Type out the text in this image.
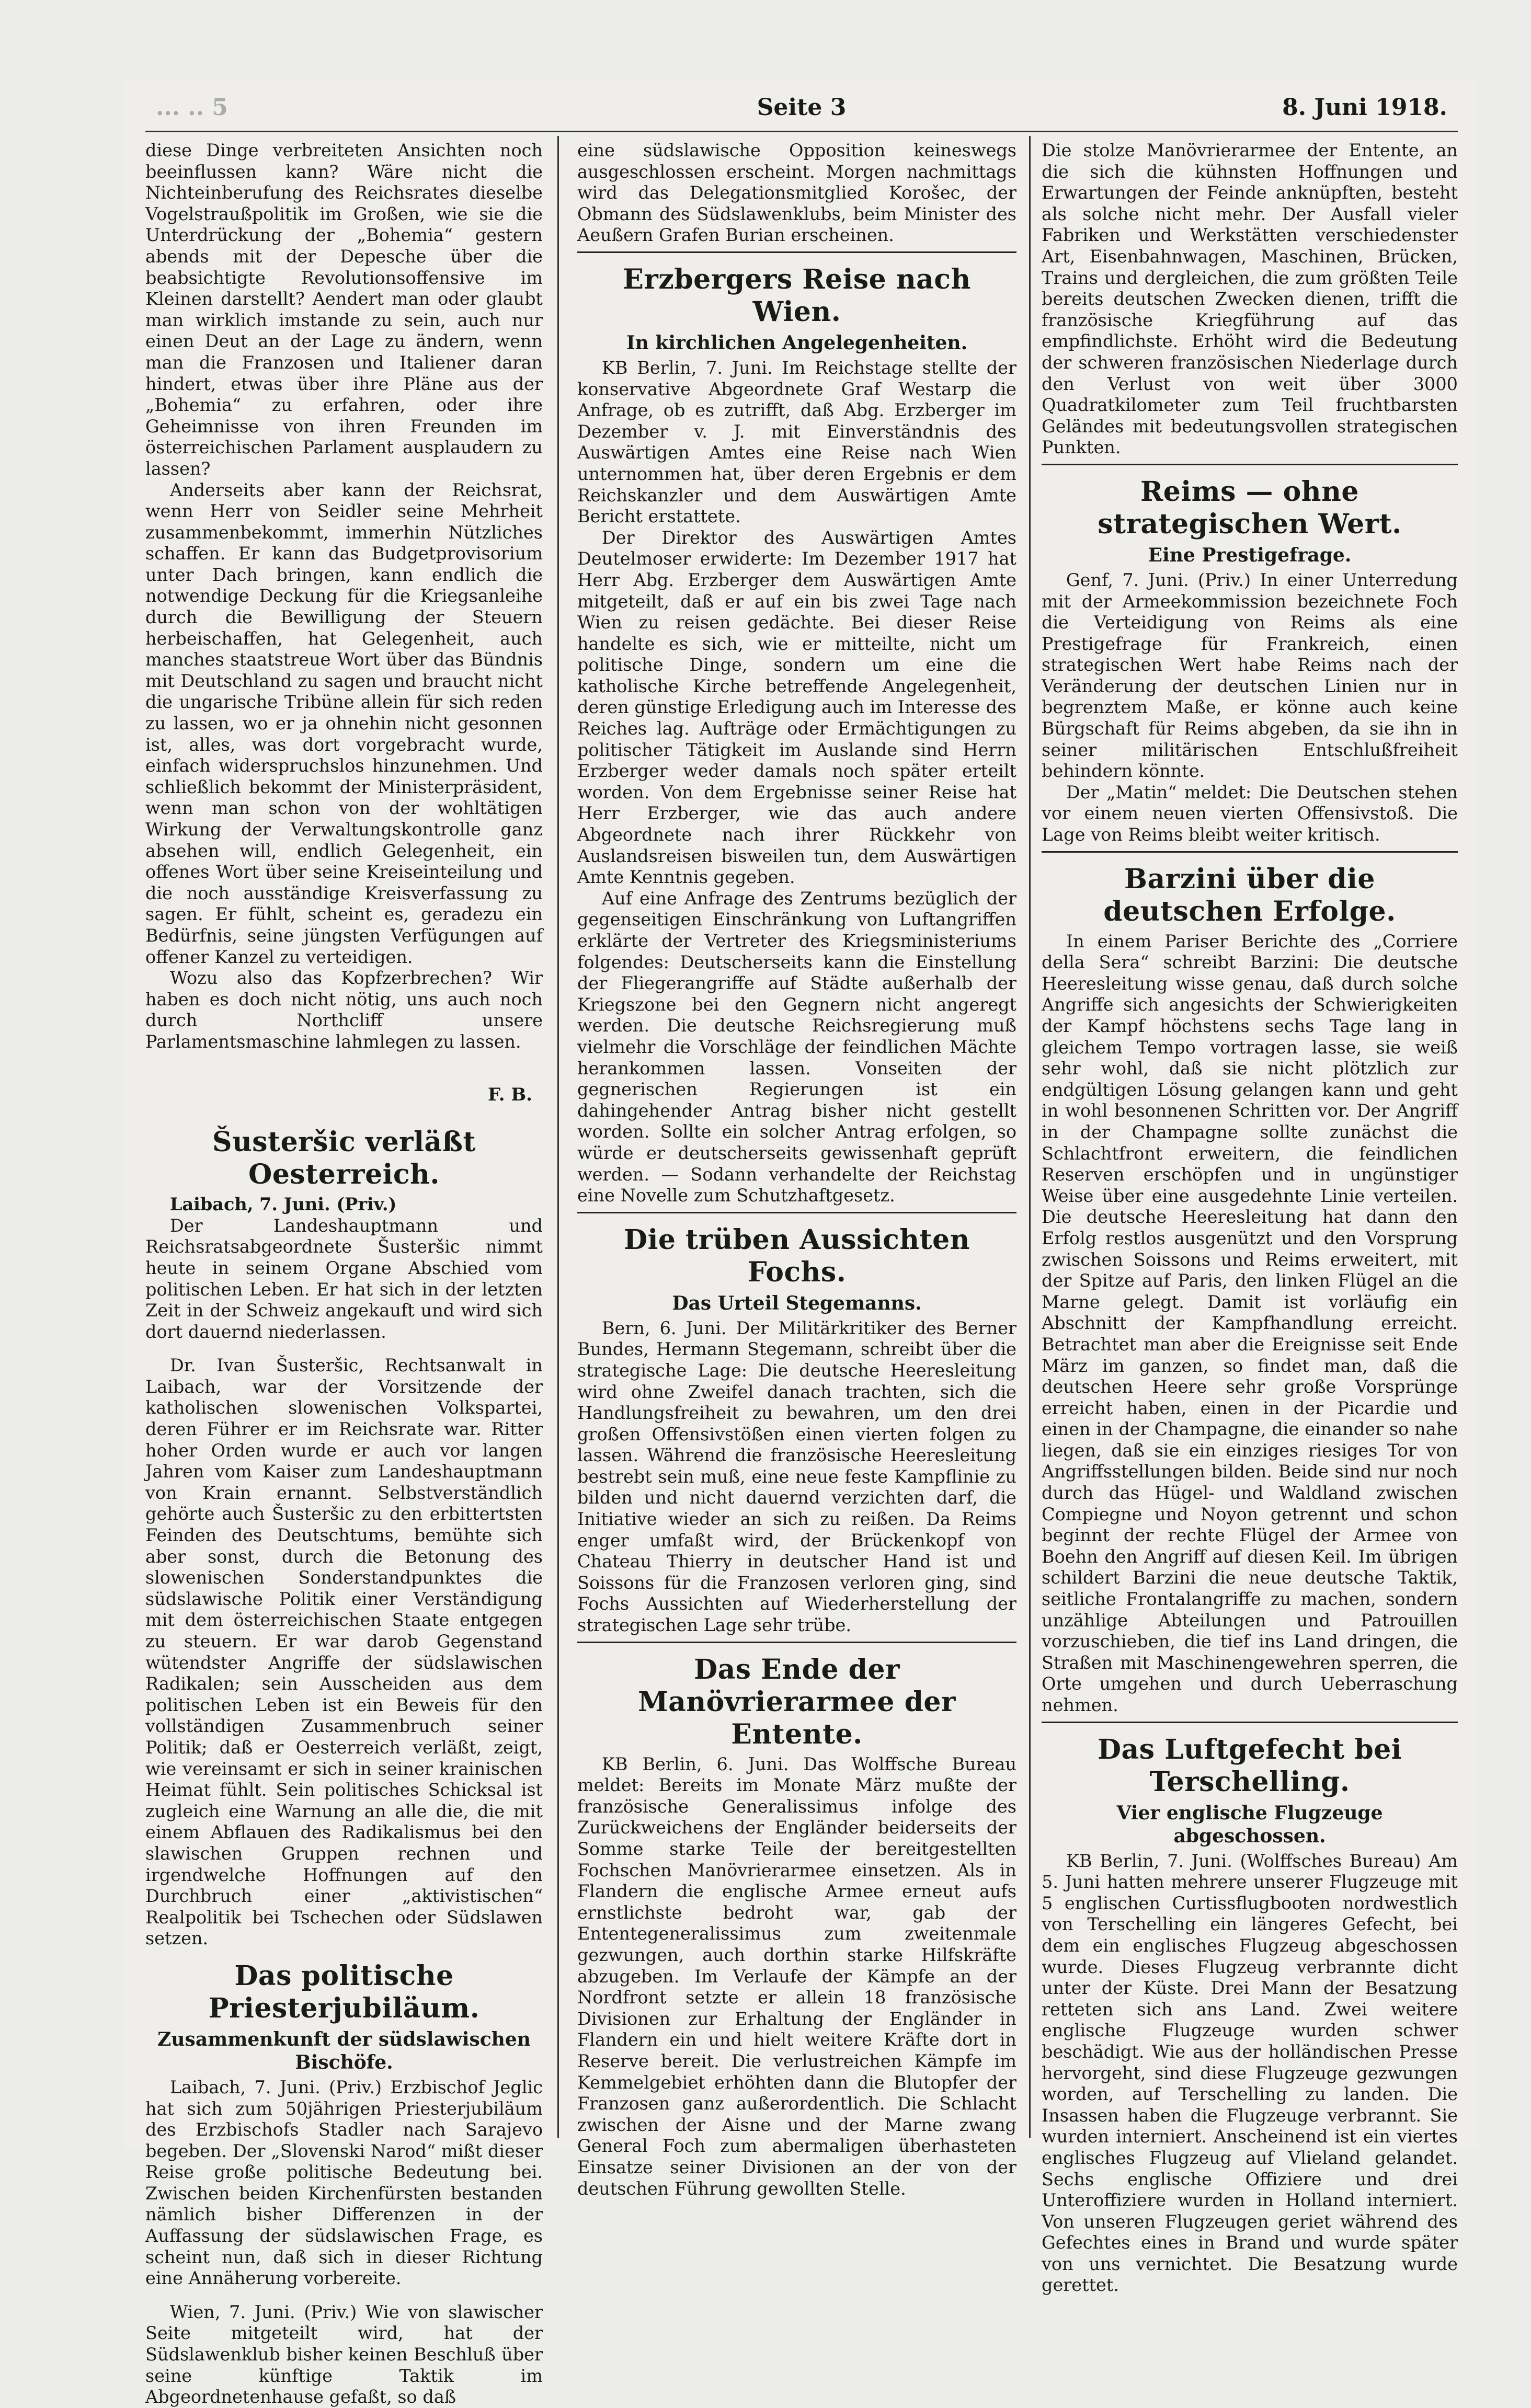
... .. 5	Seite 3	8. Juni 1918.

diese Dinge verbreiteten Ansichten noch beeinflussen kann? Wäre nicht die Nichteinberufung des Reichsrates dieselbe Vogelstraußpolitik im Großen, wie sie die Unterdrückung der „Bohemia“ gestern abends mit der Depesche über die beabsichtigte Revolutionsoffensive im Kleinen darstellt? Aendert man oder glaubt man wirklich imstande zu sein, auch nur einen Deut an der Lage zu ändern, wenn man die Franzosen und Italiener daran hindert, etwas über ihre Pläne aus der „Bohemia“ zu erfahren, oder ihre Geheimnisse von ihren Freunden im österreichischen Parlament ausplaudern zu lassen?

Anderseits aber kann der Reichsrat, wenn Herr von Seidler seine Mehrheit zusammenbekommt, immerhin Nützliches schaffen. Er kann das Budgetprovisorium unter Dach bringen, kann endlich die notwendige Deckung für die Kriegsanleihe durch die Bewilligung der Steuern herbeischaffen, hat Gelegenheit, auch manches staatstreue Wort über das Bündnis mit Deutschland zu sagen und braucht nicht die ungarische Tribüne allein für sich reden zu lassen, wo er ja ohnehin nicht gesonnen ist, alles, was dort vorgebracht wurde, einfach widerspruchslos hinzunehmen. Und schließlich bekommt der Ministerpräsident, wenn man schon von der wohltätigen Wirkung der Verwaltungskontrolle ganz absehen will, endlich Gelegenheit, ein offenes Wort über seine Kreiseinteilung und die noch ausständige Kreisverfassung zu sagen. Er fühlt, scheint es, geradezu ein Bedürfnis, seine jüngsten Verfügungen auf offener Kanzel zu verteidigen.

Wozu also das Kopfzerbrechen? Wir haben es doch nicht nötig, uns auch noch durch Northcliff unsere Parlamentsmaschine lahmlegen zu lassen.

F. B.
Šusteršic verläßt Oesterreich.

Laibach, 7. Juni. (Priv.)

Der Landeshauptmann und Reichsratsabgeordnete Šusteršic nimmt heute in seinem Organe Abschied vom politischen Leben. Er hat sich in der letzten Zeit in der Schweiz angekauft und wird sich dort dauernd niederlassen.

Dr. Ivan Šusteršic, Rechtsanwalt in Laibach, war der Vorsitzende der katholischen slowenischen Volkspartei, deren Führer er im Reichsrate war. Ritter hoher Orden wurde er auch vor langen Jahren vom Kaiser zum Landeshauptmann von Krain ernannt. Selbstverständlich gehörte auch Šusteršic zu den erbittertsten Feinden des Deutschtums, bemühte sich aber sonst, durch die Betonung des slowenischen Sonderstandpunktes die südslawische Politik einer Verständigung mit dem österreichischen Staate entgegen zu steuern. Er war darob Gegenstand wütendster Angriffe der südslawischen Radikalen; sein Ausscheiden aus dem politischen Leben ist ein Beweis für den vollständigen Zusammenbruch seiner Politik; daß er Oesterreich verläßt, zeigt, wie vereinsamt er sich in seiner krainischen Heimat fühlt. Sein politisches Schicksal ist zugleich eine Warnung an alle die, die mit einem Abflauen des Radikalismus bei den slawischen Gruppen rechnen und irgendwelche Hoffnungen auf den Durchbruch einer „aktivistischen“ Realpolitik bei Tschechen oder Südslawen setzen.

Das politische Priesterjubiläum.
Zusammenkunft der südslawischen Bischöfe.

Laibach, 7. Juni. (Priv.) Erzbischof Jeglic hat sich zum 50jährigen Priesterjubiläum des Erzbischofs Stadler nach Sarajevo begeben. Der „Slovenski Narod“ mißt dieser Reise große politische Bedeutung bei. Zwischen beiden Kirchenfürsten bestanden nämlich bisher Differenzen in der Auffassung der südslawischen Frage, es scheint nun, daß sich in dieser Richtung eine Annäherung vorbereite.

Wien, 7. Juni. (Priv.) Wie von slawischer Seite mitgeteilt wird, hat der Südslawenklub bisher keinen Beschluß über seine künftige Taktik im Abgeordnetenhause gefaßt, so daß

eine südslawische Opposition keineswegs ausgeschlossen erscheint. Morgen nachmittags wird das Delegationsmitglied Korošec, der Obmann des Südslawenklubs, beim Minister des Aeußern Grafen Burian erscheinen.

Erzbergers Reise nach Wien.
In kirchlichen Angelegenheiten.

KB Berlin, 7. Juni. Im Reichstage stellte der konservative Abgeordnete Graf Westarp die Anfrage, ob es zutrifft, daß Abg. Erzberger im Dezember v. J. mit Einverständnis des Auswärtigen Amtes eine Reise nach Wien unternommen hat, über deren Ergebnis er dem Reichskanzler und dem Auswärtigen Amte Bericht erstattete.

Der Direktor des Auswärtigen Amtes Deutelmoser erwiderte: Im Dezember 1917 hat Herr Abg. Erzberger dem Auswärtigen Amte mitgeteilt, daß er auf ein bis zwei Tage nach Wien zu reisen gedächte. Bei dieser Reise handelte es sich, wie er mitteilte, nicht um politische Dinge, sondern um eine die katholische Kirche betreffende Angelegenheit, deren günstige Erledigung auch im Interesse des Reiches lag. Aufträge oder Ermächtigungen zu politischer Tätigkeit im Auslande sind Herrn Erzberger weder damals noch später erteilt worden. Von dem Ergebnisse seiner Reise hat Herr Erzberger, wie das auch andere Abgeordnete nach ihrer Rückkehr von Auslandsreisen bisweilen tun, dem Auswärtigen Amte Kenntnis gegeben.

Auf eine Anfrage des Zentrums bezüglich der gegenseitigen Einschränkung von Luftangriffen erklärte der Vertreter des Kriegsministeriums folgendes: Deutscherseits kann die Einstellung der Fliegerangriffe auf Städte außerhalb der Kriegszone bei den Gegnern nicht angeregt werden. Die deutsche Reichsregierung muß vielmehr die Vorschläge der feindlichen Mächte herankommen lassen. Vonseiten der gegnerischen Regierungen ist ein dahingehender Antrag bisher nicht gestellt worden. Sollte ein solcher Antrag erfolgen, so würde er deutscherseits gewissenhaft geprüft werden. — Sodann verhandelte der Reichstag eine Novelle zum Schutzhaftgesetz.

Die trüben Aussichten Fochs.
Das Urteil Stegemanns.

Bern, 6. Juni. Der Militärkritiker des Berner Bundes, Hermann Stegemann, schreibt über die strategische Lage: Die deutsche Heeresleitung wird ohne Zweifel danach trachten, sich die Handlungsfreiheit zu bewahren, um den drei großen Offensivstößen einen vierten folgen zu lassen. Während die französische Heeresleitung bestrebt sein muß, eine neue feste Kampflinie zu bilden und nicht dauernd verzichten darf, die Initiative wieder an sich zu reißen. Da Reims enger umfaßt wird, der Brückenkopf von Chateau Thierry in deutscher Hand ist und Soissons für die Franzosen verloren ging, sind Fochs Aussichten auf Wiederherstellung der strategischen Lage sehr trübe.

Das Ende der Manövrierarmee der Entente.

KB Berlin, 6. Juni. Das Wolffsche Bureau meldet: Bereits im Monate März mußte der französische Generalissimus infolge des Zurückweichens der Engländer beiderseits der Somme starke Teile der bereitgestellten Fochschen Manövrierarmee einsetzen. Als in Flandern die englische Armee erneut aufs ernstlichste bedroht war, gab der Ententegeneralissimus zum zweitenmale gezwungen, auch dorthin starke Hilfskräfte abzugeben. Im Verlaufe der Kämpfe an der Nordfront setzte er allein 18 französische Divisionen zur Erhaltung der Engländer in Flandern ein und hielt weitere Kräfte dort in Reserve bereit. Die verlustreichen Kämpfe im Kemmelgebiet erhöhten dann die Blutopfer der Franzosen ganz außerordentlich. Die Schlacht zwischen der Aisne und der Marne zwang General Foch zum abermaligen überhasteten Einsatze seiner Divisionen an der von der deutschen Führung gewollten Stelle.

Die stolze Manövrierarmee der Entente, an die sich die kühnsten Hoffnungen und Erwartungen der Feinde anknüpften, besteht als solche nicht mehr. Der Ausfall vieler Fabriken und Werkstätten verschiedenster Art, Eisenbahnwagen, Maschinen, Brücken, Trains und dergleichen, die zum größten Teile bereits deutschen Zwecken dienen, trifft die französische Kriegführung auf das empfindlichste. Erhöht wird die Bedeutung der schweren französischen Niederlage durch den Verlust von weit über 3000 Quadratkilometer zum Teil fruchtbarsten Geländes mit bedeutungsvollen strategischen Punkten.

Reims — ohne strategischen Wert.
Eine Prestigefrage.

Genf, 7. Juni. (Priv.) In einer Unterredung mit der Armeekommission bezeichnete Foch die Verteidigung von Reims als eine Prestigefrage für Frankreich, einen strategischen Wert habe Reims nach der Veränderung der deutschen Linien nur in begrenztem Maße, er könne auch keine Bürgschaft für Reims abgeben, da sie ihn in seiner militärischen Entschlußfreiheit behindern könnte.

Der „Matin“ meldet: Die Deutschen stehen vor einem neuen vierten Offensivstoß. Die Lage von Reims bleibt weiter kritisch.

Barzini über die deutschen Erfolge.

In einem Pariser Berichte des „Corriere della Sera“ schreibt Barzini: Die deutsche Heeresleitung wisse genau, daß durch solche Angriffe sich angesichts der Schwierigkeiten der Kampf höchstens sechs Tage lang in gleichem Tempo vortragen lasse, sie weiß sehr wohl, daß sie nicht plötzlich zur endgültigen Lösung gelangen kann und geht in wohl besonnenen Schritten vor. Der Angriff in der Champagne sollte zunächst die Schlachtfront erweitern, die feindlichen Reserven erschöpfen und in ungünstiger Weise über eine ausgedehnte Linie verteilen. Die deutsche Heeresleitung hat dann den Erfolg restlos ausgenützt und den Vorsprung zwischen Soissons und Reims erweitert, mit der Spitze auf Paris, den linken Flügel an die Marne gelegt. Damit ist vorläufig ein Abschnitt der Kampfhandlung erreicht. Betrachtet man aber die Ereignisse seit Ende März im ganzen, so findet man, daß die deutschen Heere sehr große Vorsprünge erreicht haben, einen in der Picardie und einen in der Champagne, die einander so nahe liegen, daß sie ein einziges riesiges Tor von Angriffsstellungen bilden. Beide sind nur noch durch das Hügel- und Waldland zwischen Compiegne und Noyon getrennt und schon beginnt der rechte Flügel der Armee von Boehn den Angriff auf diesen Keil. Im übrigen schildert Barzini die neue deutsche Taktik, seitliche Frontalangriffe zu machen, sondern unzählige Abteilungen und Patrouillen vorzuschieben, die tief ins Land dringen, die Straßen mit Maschinengewehren sperren, die Orte umgehen und durch Ueberraschung nehmen.

Das Luftgefecht bei Terschelling.
Vier englische Flugzeuge abgeschossen.

KB Berlin, 7. Juni. (Wolffsches Bureau) Am 5. Juni hatten mehrere unserer Flugzeuge mit 5 englischen Curtissflugbooten nordwestlich von Terschelling ein längeres Gefecht, bei dem ein englisches Flugzeug abgeschossen wurde. Dieses Flugzeug verbrannte dicht unter der Küste. Drei Mann der Besatzung retteten sich ans Land. Zwei weitere englische Flugzeuge wurden schwer beschädigt. Wie aus der holländischen Presse hervorgeht, sind diese Flugzeuge gezwungen worden, auf Terschelling zu landen. Die Insassen haben die Flugzeuge verbrannt. Sie wurden interniert. Anscheinend ist ein viertes englisches Flugzeug auf Vlieland gelandet. Sechs englische Offiziere und drei Unteroffiziere wurden in Holland interniert. Von unseren Flugzeugen geriet während des Gefechtes eines in Brand und wurde später von uns vernichtet. Die Besatzung wurde gerettet.
